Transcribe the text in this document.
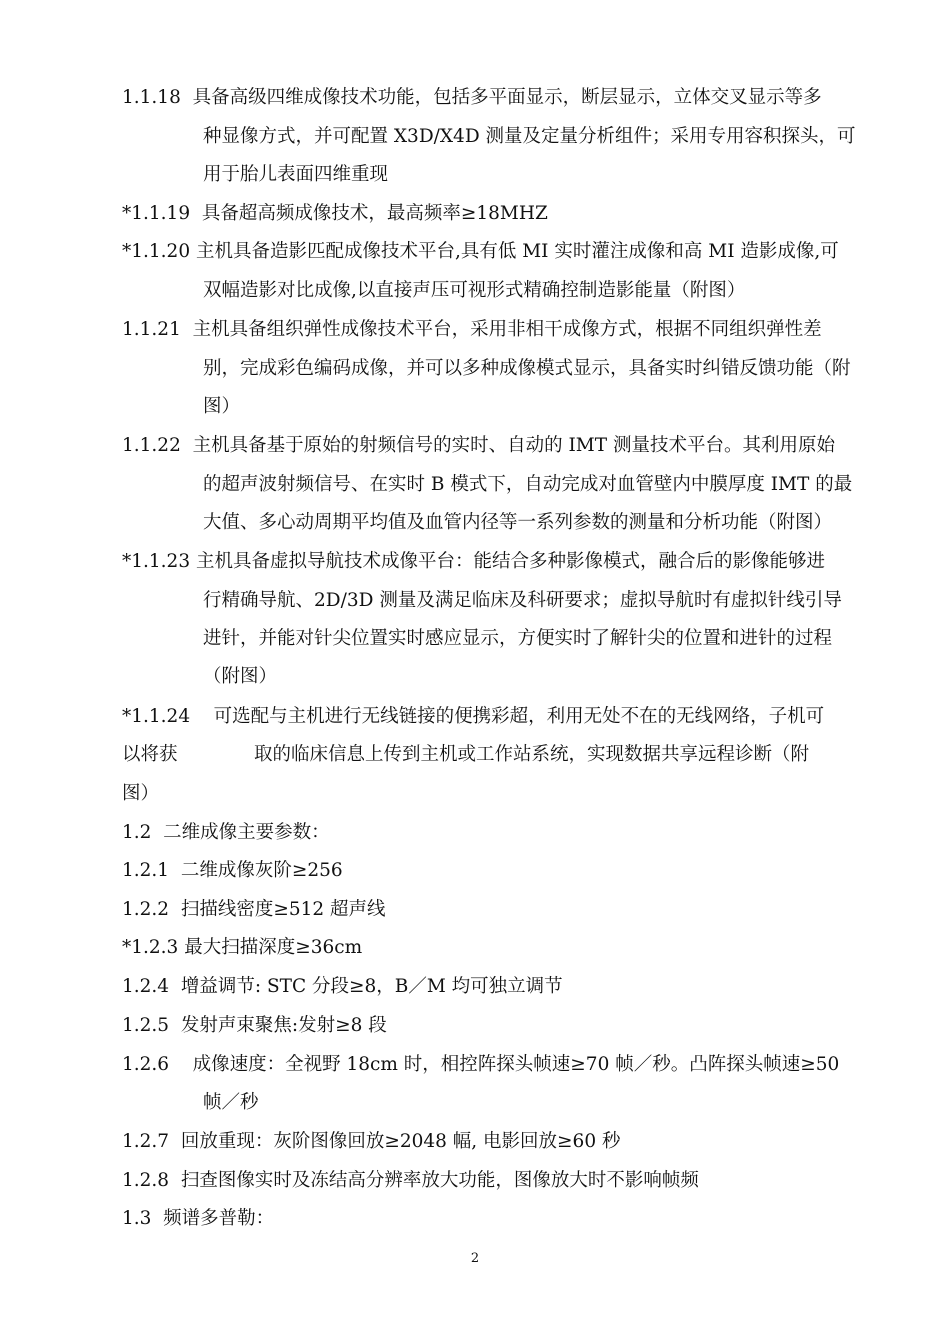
1.1.18  具备高级四维成像技术功能，包括多平面显示，断层显示，立体交叉显示等多
种显像方式，并可配置 X3D/X4D 测量及定量分析组件；采用专用容积探头，可
用于胎儿表面四维重现
*1.1.19  具备超高频成像技术，最高频率≥18MHZ
*1.1.20 主机具备造影匹配成像技术平台,具有低 MI 实时灌注成像和高 MI 造影成像,可
双幅造影对比成像,以直接声压可视形式精确控制造影能量（附图）
1.1.21  主机具备组织弹性成像技术平台，采用非相干成像方式，根据不同组织弹性差
别，完成彩色编码成像，并可以多种成像模式显示，具备实时纠错反馈功能（附
图）
1.1.22  主机具备基于原始的射频信号的实时、自动的 IMT 测量技术平台。其利用原始
的超声波射频信号、在实时 B 模式下，自动完成对血管壁内中膜厚度 IMT 的最
大值、多心动周期平均值及血管内径等一系列参数的测量和分析功能（附图）
*1.1.23 主机具备虚拟导航技术成像平台：能结合多种影像模式，融合后的影像能够进
行精确导航、2D/3D 测量及满足临床及科研要求；虚拟导航时有虚拟针线引导
进针，并能对针尖位置实时感应显示，方便实时了解针尖的位置和进针的过程
（附图）
*1.1.24    可选配与主机进行无线链接的便携彩超，利用无处不在的无线网络，子机可
以将获             取的临床信息上传到主机或工作站系统，实现数据共享远程诊断（附
图）
1.2  二维成像主要参数：
1.2.1  二维成像灰阶≥256
1.2.2  扫描线密度≥512 超声线
*1.2.3 最大扫描深度≥36cm
1.2.4  增益调节: STC 分段≥8，B／M 均可独立调节
1.2.5  发射声束聚焦:发射≥8 段
1.2.6    成像速度：全视野 18cm 时，相控阵探头帧速≥70 帧／秒。凸阵探头帧速≥50
帧／秒
1.2.7  回放重现：灰阶图像回放≥2048 幅, 电影回放≥60 秒
1.2.8  扫查图像实时及冻结高分辨率放大功能，图像放大时不影响帧频
1.3  频谱多普勒：
2
